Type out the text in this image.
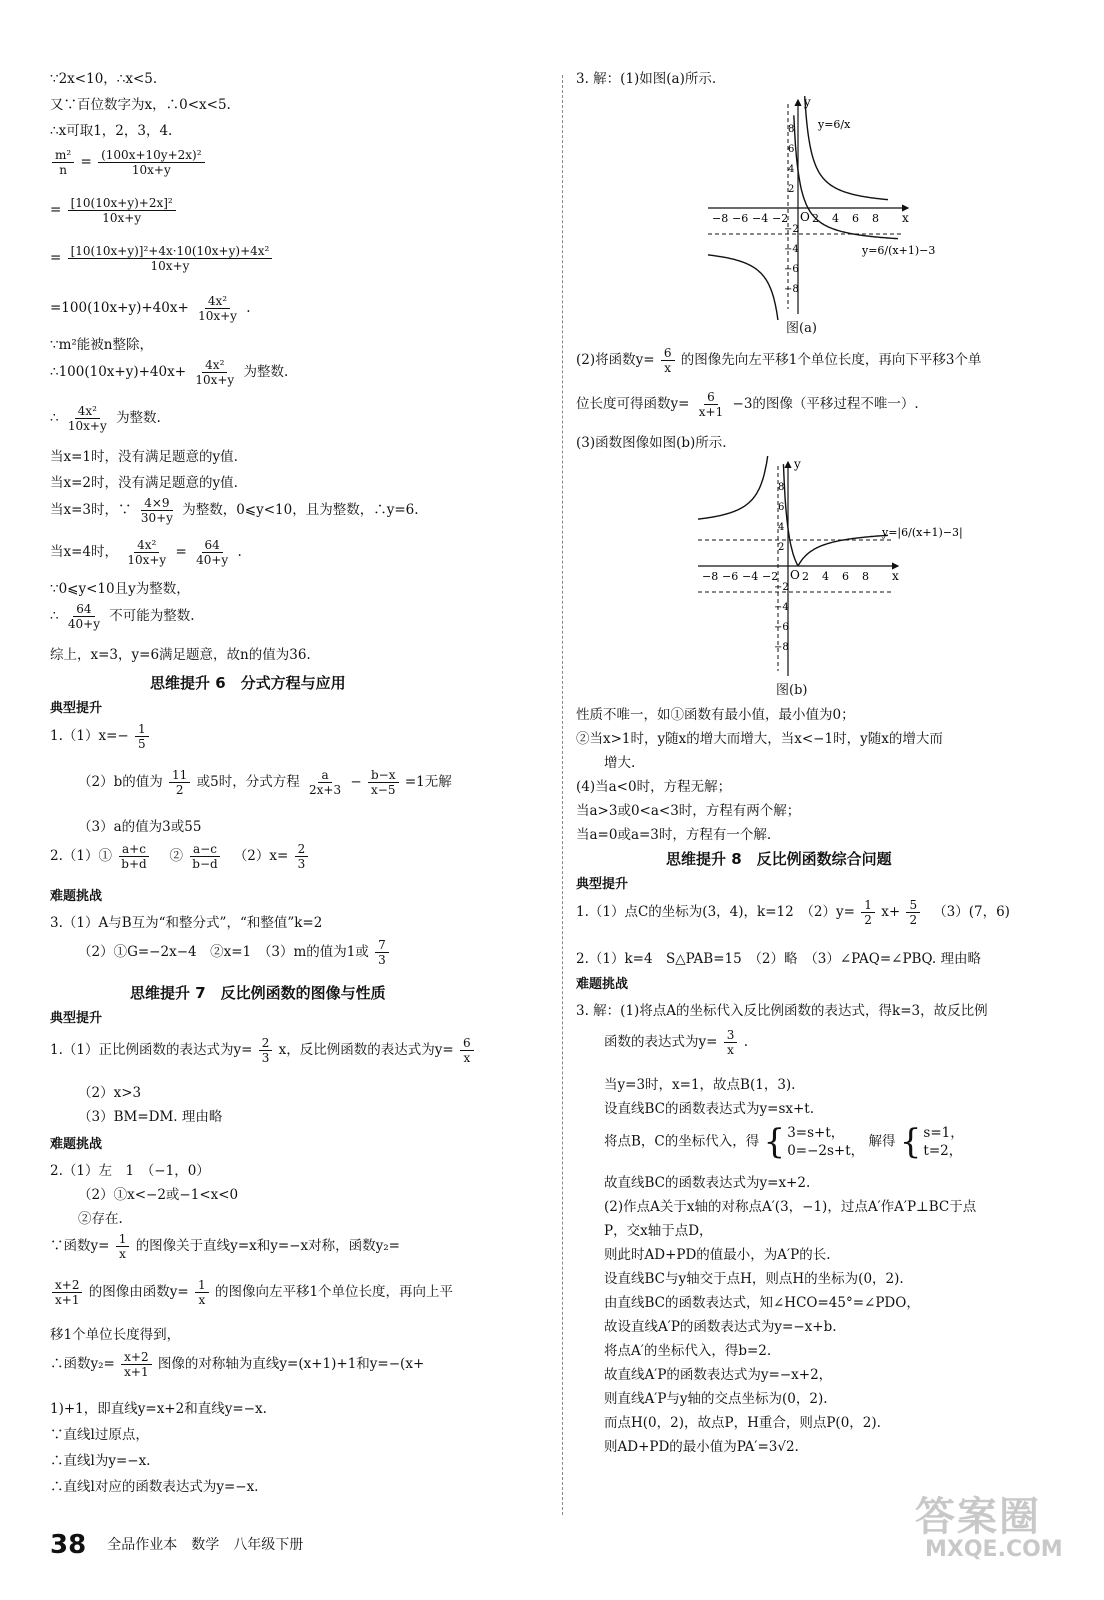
∵2x<10，∴x<5.
又∵百位数字为x，∴0<x<5.
∴x可取1，2，3，4.
$\frac{\text{m²}}{n} = \frac{\text{(100x+10y+2x)²}}{10x+y}$
= $\frac{\text{[10(10x+y)+2x]²}}{10x+y}$
= $\frac{\text{[10(10x+y)]²+4x·10(10x+y)+4x²}}{10x+y}$
$=100(10x+y)+40x+ \frac{\text{4x²}}{10x+y}$ .
∵m²能被n整除，
∴100(10x+y)+40x+ $\frac{\text{4x²}}{10x+y}$ 为整数.
∴ $\frac{\text{4x²}}{10x+y}$ 为整数.
当x=1时，没有满足题意的y值.
当x=2时，没有满足题意的y值.
当x=3时，∵ $\frac{4\times 9}{30+y}$ 为整数，0⩽y<10，且为整数，∴y=6.
当x=4时， $\frac{\text{4x²}}{10x+y} = \frac{64}{40+y}$ .
∵0⩽y<10且y为整数，
∴ $\frac{64}{40+y}$ 不可能为整数.
综上，x=3，y=6满足题意，故n的值为36.
思维提升 6　分式方程与应用
典型提升
$1.(1)x=- \frac{1}{5}$
（2）b的值为 $\frac{11}{2}$ 或5时，分式方程 $\frac{a}{2x+3} - \frac{b-x}{x-5} =1$无解
（3）a的值为3或55
2.（1）① $\frac{a+c}{b+d}$ 　② $\frac{a-c}{b-d}$ 　$(2)x= \frac{2}{3}$
难题挑战
3.（1）A与B互为“和整分式”，“和整值”k=2
（2）①G=−2x−4　②x=1　（3）m的值为1或 $\frac{7}{3}$
思维提升 7　反比例函数的图像与性质
典型提升
1.（1）正比例函数的表达式为$y= \frac{2}{3}$ x，反比例函数的表达式为$y= \frac{6}{x}$
（2）x>3
（3）BM=DM. 理由略
难题挑战
2.（1）左　1　（−1，0）
（2）①x<−2或−1<x<0
②存在.
∵函数$y= \frac{1}{x}$ 的图像关于直线y=x和y=−x对称，函数y₂=
$\frac{x+2}{x+1}$ 的图像由函数$y= \frac{1}{x}$ 的图像向左平移1个单位长度，再向上平
移1个单位长度得到，
∴函数$y_2= \frac{x+2}{x+1}$ 图像的对称轴为直线y=(x+1)+1和y=−(x+
1)+1，即直线y=x+2和直线y=−x.
∵直线l过原点，
∴直线l为y=−x.
∴直线l对应的函数表达式为y=−x.
3. 解：(1)如图(a)所示.
−8 −6 −4 −2 2 4 6 8
8
6
4
2
−2
−4
−6
−8
y
x
O
y=6/x
y=6/(x+1)−3
图(a)
(2)将函数$y= \frac{6}{x}$ 的图像先向左平移1个单位长度，再向下平移3个单
位长度可得函数$y= \frac{6}{x+1} -3$的图像（平移过程不唯一）.
(3)函数图像如图(b)所示.
−8 −6 −4 −2 2 4 6 8
8
6
4
2
−2
−4
−6
−8
y
x
O
y=|6/(x+1)−3|
图(b)
性质不唯一，如①函数有最小值，最小值为0；
②当x>1时，y随x的增大而增大，当x<−1时，y随x的增大而
增大.
(4)当a<0时，方程无解；
当a>3或0<a<3时，方程有两个解；
当a=0或a=3时，方程有一个解.
思维提升 8　反比例函数综合问题
典型提升
1.（1）点C的坐标为(3，4)，k=12　$(2)y= \frac{1}{2} x+ \frac{5}{2}$ 　（3）(7，6)
2.（1）k=4　S△PAB=15　（2）略　（3）∠PAQ=∠PBQ. 理由略
难题挑战
3. 解：(1)将点A的坐标代入反比例函数的表达式，得k=3，故反比例
函数的表达式为$y= \frac{3}{x}$ .
当y=3时，x=1，故点B(1，3).
设直线BC的函数表达式为y=sx+t.
将点B，C的坐标代入，得 { 3=s+t，
0=−2s+t， 解得 { s=1，
t=2，
故直线BC的函数表达式为y=x+2.
(2)作点A关于x轴的对称点A′(3，−1)，过点A′作A′P⊥BC于点
P，交x轴于点D，
则此时AD+PD的值最小，为A′P的长.
设直线BC与y轴交于点H，则点H的坐标为(0，2).
由直线BC的函数表达式，知∠HCO=45°=∠PDO，
故设直线A′P的函数表达式为y=−x+b.
将点A′的坐标代入，得b=2.
故直线A′P的函数表达式为y=−x+2，
则直线A′P与y轴的交点坐标为(0，2).
而点H(0，2)，故点P，H重合，则点P(0，2).
则AD+PD的最小值为PA′=3√2.
38 全品作业本　数学　八年级下册
答案圈
MXQE.COM
